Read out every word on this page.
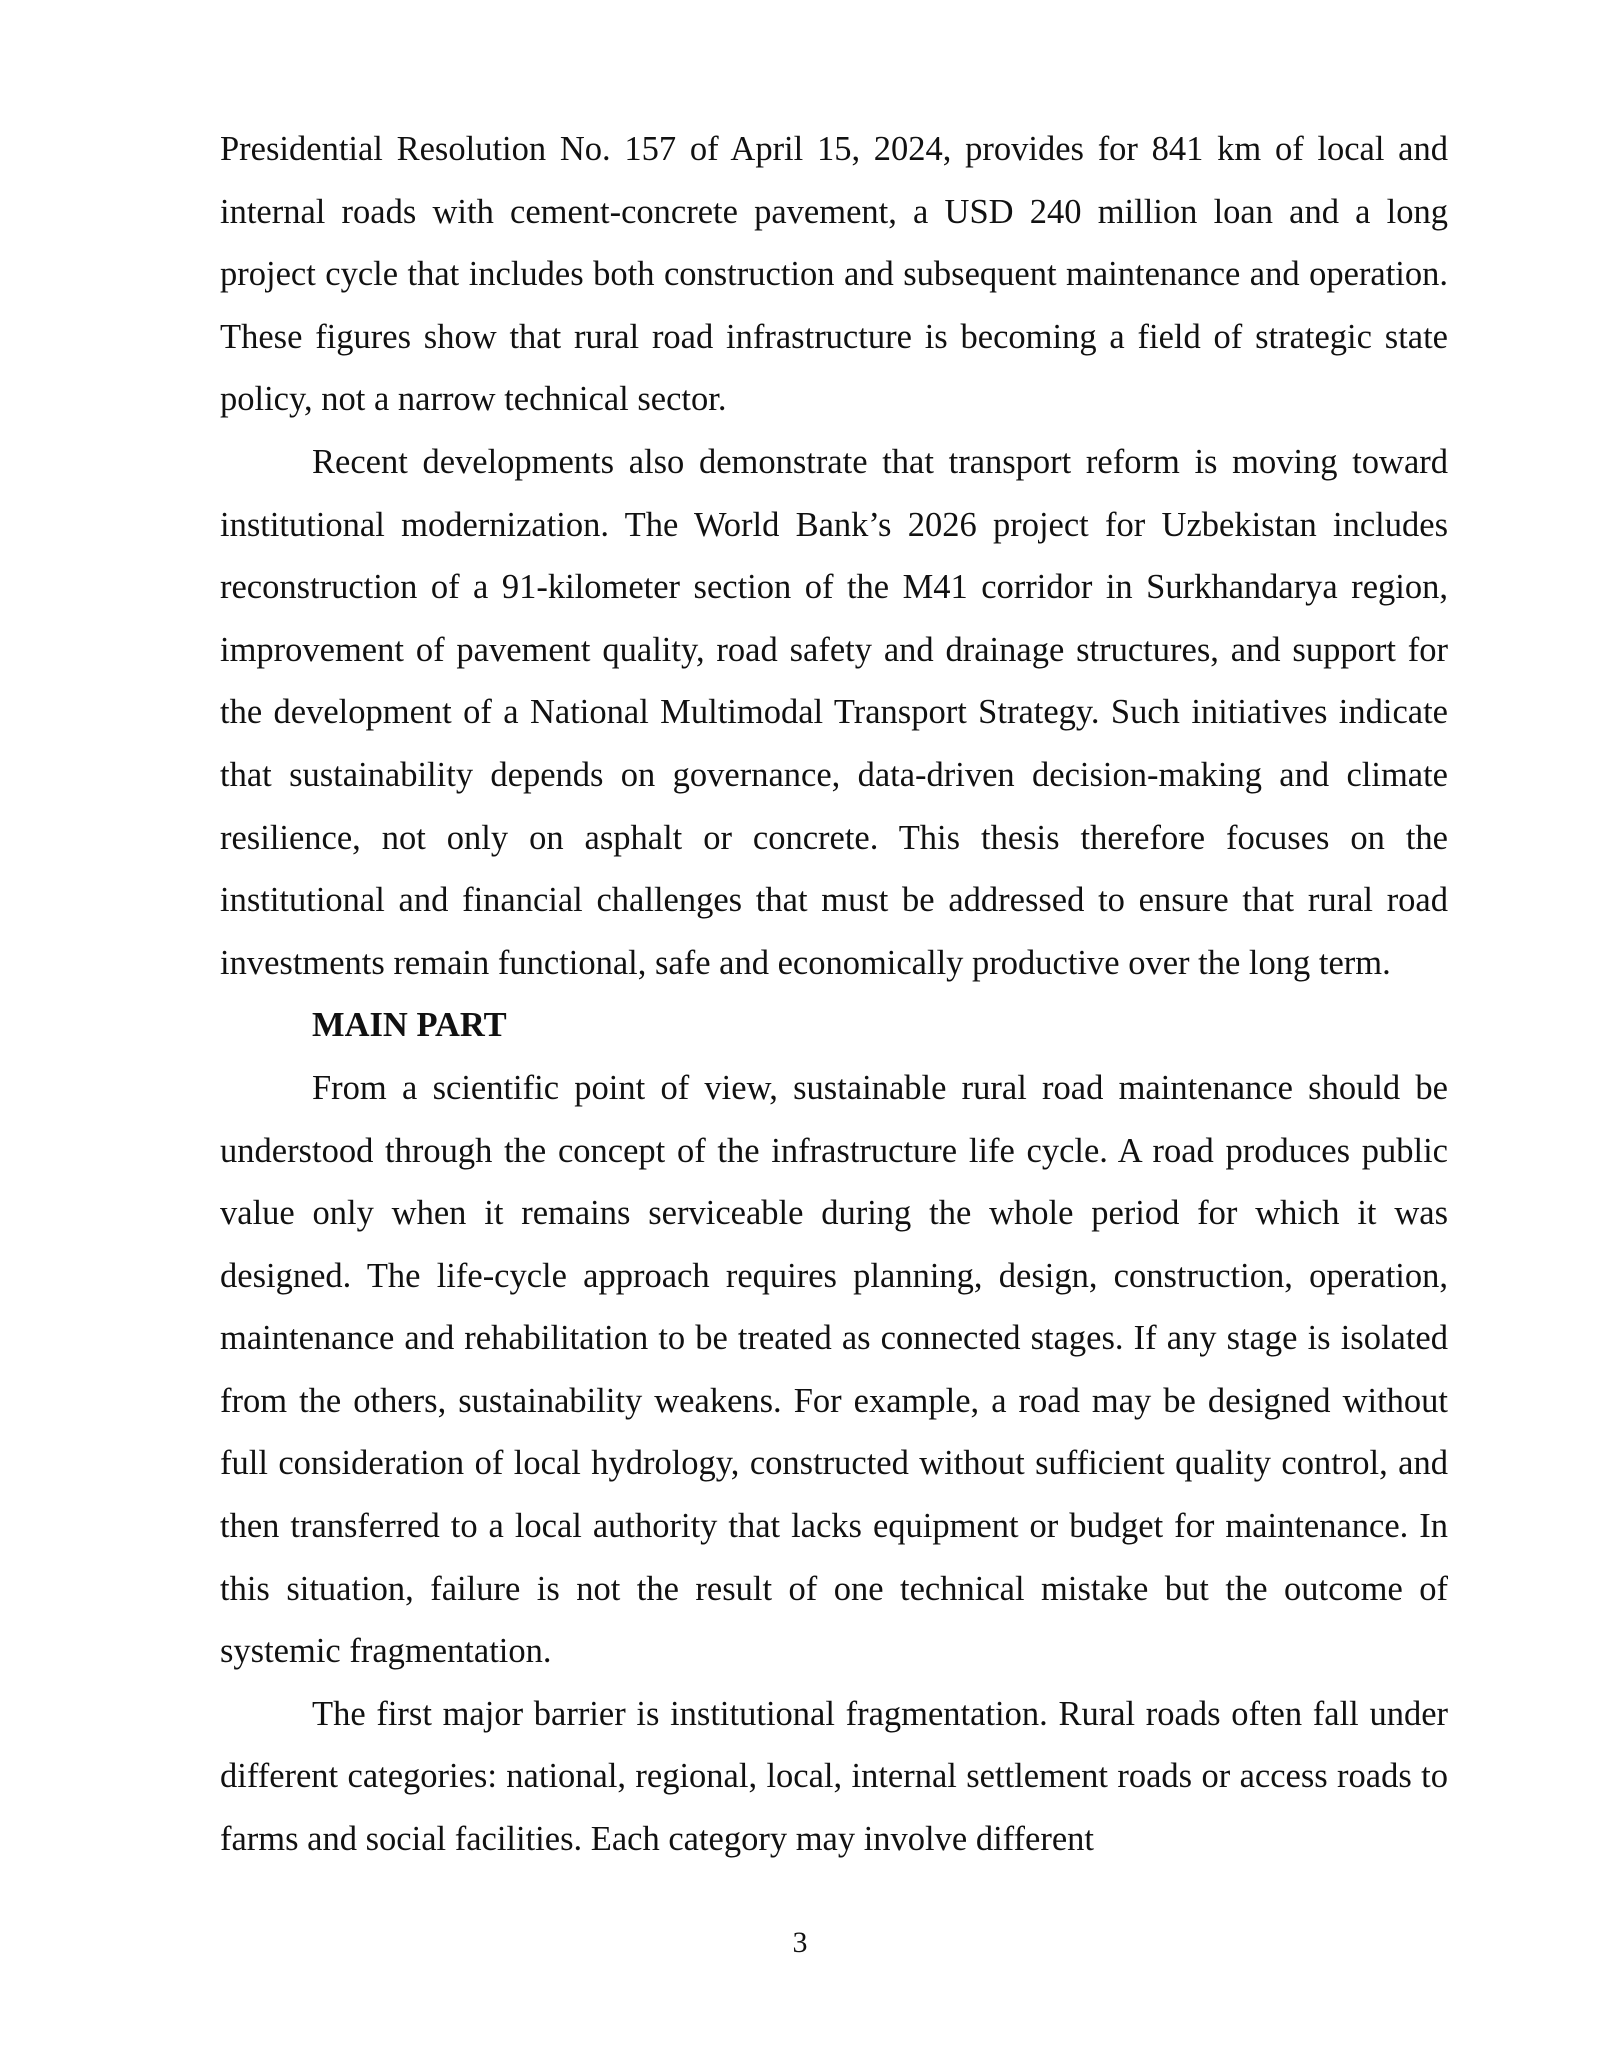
Presidential Resolution No. 157 of April 15, 2024, provides for 841 km of local and internal roads with cement-concrete pavement, a USD 240 million loan and a long project cycle that includes both construction and subsequent maintenance and operation. These figures show that rural road infrastructure is becoming a field of strategic state policy, not a narrow technical sector.

Recent developments also demonstrate that transport reform is moving toward institutional modernization. The World Bank’s 2026 project for Uzbekistan includes reconstruction of a 91-kilometer section of the M41 corridor in Surkhandarya region, improvement of pavement quality, road safety and drainage structures, and support for the development of a National Multimodal Transport Strategy. Such initiatives indicate that sustainability depends on governance, data-driven decision-making and climate resilience, not only on asphalt or concrete. This thesis therefore focuses on the institutional and financial challenges that must be addressed to ensure that rural road investments remain functional, safe and economically productive over the long term.

MAIN PART

From a scientific point of view, sustainable rural road maintenance should be understood through the concept of the infrastructure life cycle. A road produces public value only when it remains serviceable during the whole period for which it was designed. The life-cycle approach requires planning, design, construction, operation, maintenance and rehabilitation to be treated as connected stages. If any stage is isolated from the others, sustainability weakens. For example, a road may be designed without full consideration of local hydrology, constructed without sufficient quality control, and then transferred to a local authority that lacks equipment or budget for maintenance. In this situation, failure is not the result of one technical mistake but the outcome of systemic fragmentation.

The first major barrier is institutional fragmentation. Rural roads often fall under different categories: national, regional, local, internal settlement roads or access roads to farms and social facilities. Each category may involve different

3
